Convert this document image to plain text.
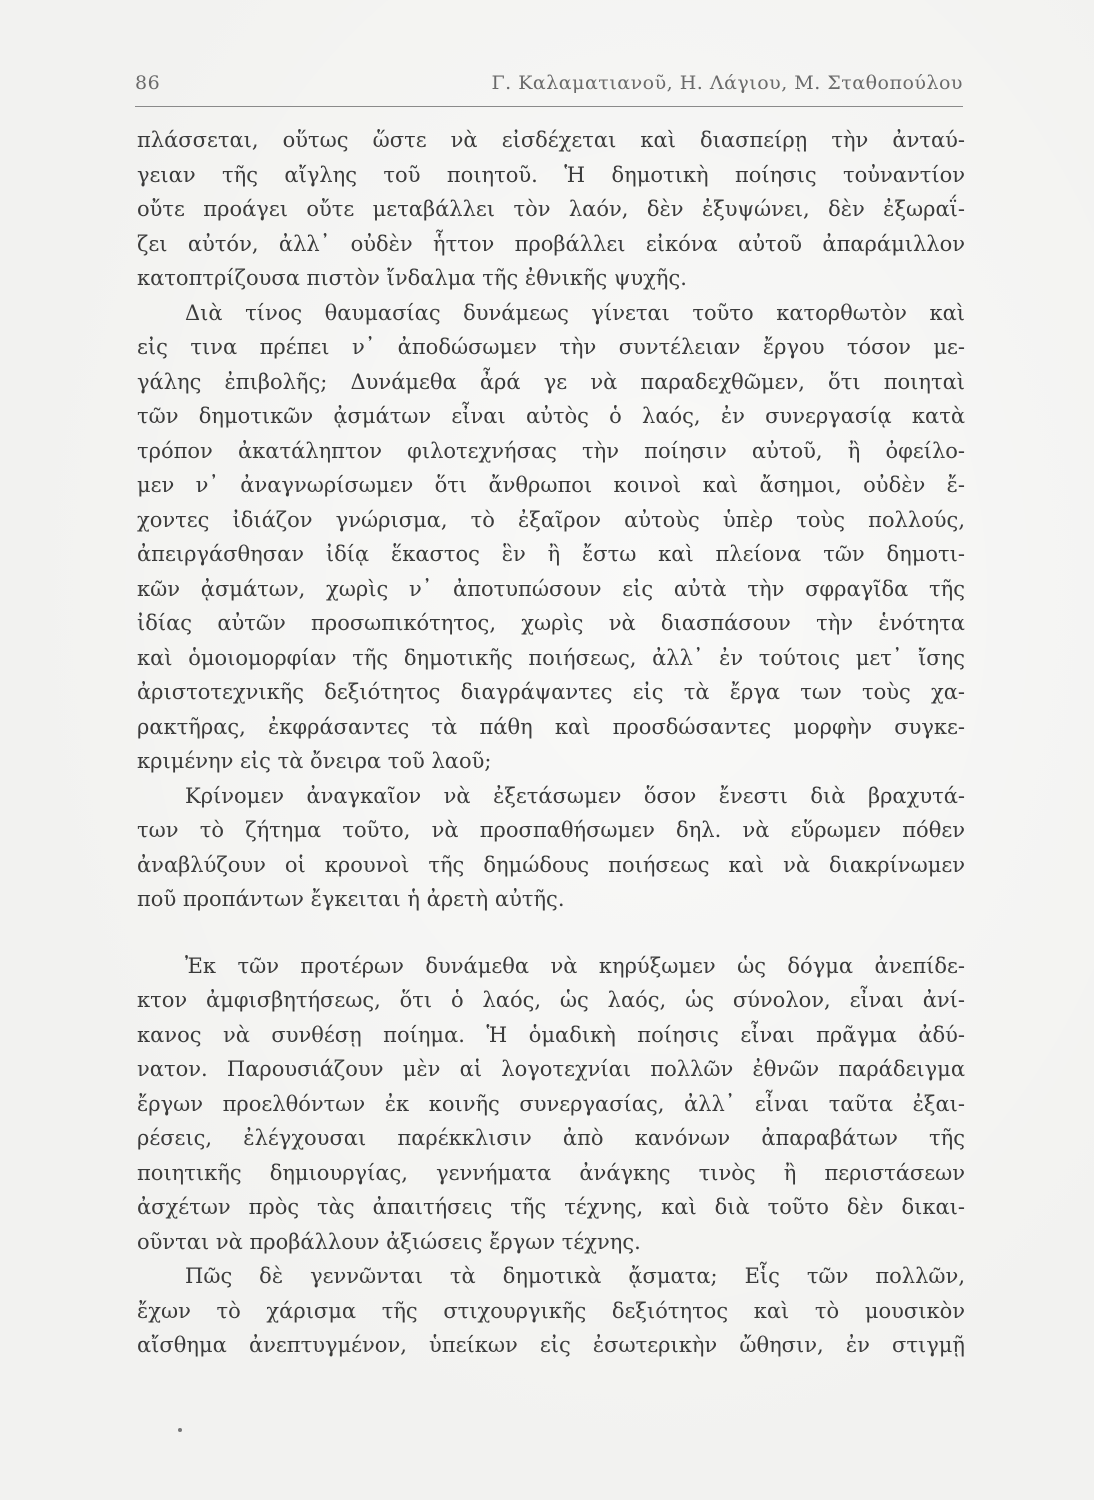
86	Γ. Καλαματιανοῦ, Η. Λάγιου, Μ. Σταθοπούλου
πλάσσεται, οὕτως ὥστε νὰ εἰσδέχεται καὶ διασπείρῃ τὴν ἀνταύ-
γειαν τῆς αἴγλης τοῦ ποιητοῦ. Ἡ δημοτικὴ ποίησις τοὐναντίον
οὔτε προάγει οὔτε μεταβάλλει τὸν λαόν, δὲν ἐξυψώνει, δὲν ἐξωραΐ-
ζει αὐτόν, ἀλλ᾽ οὐδὲν ἧττον προβάλλει εἰκόνα αὐτοῦ ἀπαράμιλλον
κατοπτρίζουσα πιστὸν ἴνδαλμα τῆς ἐθνικῆς ψυχῆς.
Διὰ τίνος θαυμασίας δυνάμεως γίνεται τοῦτο κατορθωτὸν καὶ
εἰς τινα πρέπει ν᾽ ἀποδώσωμεν τὴν συντέλειαν ἔργου τόσον με-
γάλης ἐπιβολῆς; Δυνάμεθα ἆρά γε νὰ παραδεχθῶμεν, ὅτι ποιηταὶ
τῶν δημοτικῶν ᾀσμάτων εἶναι αὐτὸς ὁ λαός, ἐν συνεργασίᾳ κατὰ
τρόπον ἀκατάληπτον φιλοτεχνήσας τὴν ποίησιν αὐτοῦ, ἢ ὀφείλο-
μεν ν᾽ ἀναγνωρίσωμεν ὅτι ἄνθρωποι κοινοὶ καὶ ἄσημοι, οὐδὲν ἔ-
χοντες ἰδιάζον γνώρισμα, τὸ ἐξαῖρον αὐτοὺς ὑπὲρ τοὺς πολλούς,
ἀπειργάσθησαν ἰδίᾳ ἕκαστος ἓν ἢ ἔστω καὶ πλείονα τῶν δημοτι-
κῶν ᾀσμάτων, χωρὶς ν᾽ ἀποτυπώσουν εἰς αὐτὰ τὴν σφραγῖδα τῆς
ἰδίας αὐτῶν προσωπικότητος, χωρὶς νὰ διασπάσουν τὴν ἑνότητα
καὶ ὁμοιομορφίαν τῆς δημοτικῆς ποιήσεως, ἀλλ᾽ ἐν τούτοις μετ᾽ ἴσης
ἀριστοτεχνικῆς δεξιότητος διαγράψαντες εἰς τὰ ἔργα των τοὺς χα-
ρακτῆρας, ἐκφράσαντες τὰ πάθη καὶ προσδώσαντες μορφὴν συγκε-
κριμένην εἰς τὰ ὄνειρα τοῦ λαοῦ;
Κρίνομεν ἀναγκαῖον νὰ ἐξετάσωμεν ὅσον ἔνεστι διὰ βραχυτά-
των τὸ ζήτημα τοῦτο, νὰ προσπαθήσωμεν δηλ. νὰ εὕρωμεν πόθεν
ἀναβλύζουν οἱ κρουνοὶ τῆς δημώδους ποιήσεως καὶ νὰ διακρίνωμεν
ποῦ προπάντων ἔγκειται ἡ ἀρετὴ αὐτῆς.
Ἐκ τῶν προτέρων δυνάμεθα νὰ κηρύξωμεν ὡς δόγμα ἀνεπίδε-
κτον ἀμφισβητήσεως, ὅτι ὁ λαός, ὡς λαός, ὡς σύνολον, εἶναι ἀνί-
κανος νὰ συνθέσῃ ποίημα. Ἡ ὁμαδικὴ ποίησις εἶναι πρᾶγμα ἀδύ-
νατον. Παρουσιάζουν μὲν αἱ λογοτεχνίαι πολλῶν ἐθνῶν παράδειγμα
ἔργων προελθόντων ἐκ κοινῆς συνεργασίας, ἀλλ᾽ εἶναι ταῦτα ἐξαι-
ρέσεις, ἐλέγχουσαι παρέκκλισιν ἀπὸ κανόνων ἀπαραβάτων τῆς
ποιητικῆς δημιουργίας, γεννήματα ἀνάγκης τινὸς ἢ περιστάσεων
ἀσχέτων πρὸς τὰς ἀπαιτήσεις τῆς τέχνης, καὶ διὰ τοῦτο δὲν δικαι-
οῦνται νὰ προβάλλουν ἀξιώσεις ἔργων τέχνης.
Πῶς δὲ γεννῶνται τὰ δημοτικὰ ᾄσματα; Εἷς τῶν πολλῶν,
ἔχων τὸ χάρισμα τῆς στιχουργικῆς δεξιότητος καὶ τὸ μουσικὸν
αἴσθημα ἀνεπτυγμένον, ὑπείκων εἰς ἐσωτερικὴν ὤθησιν, ἐν στιγμῇ
